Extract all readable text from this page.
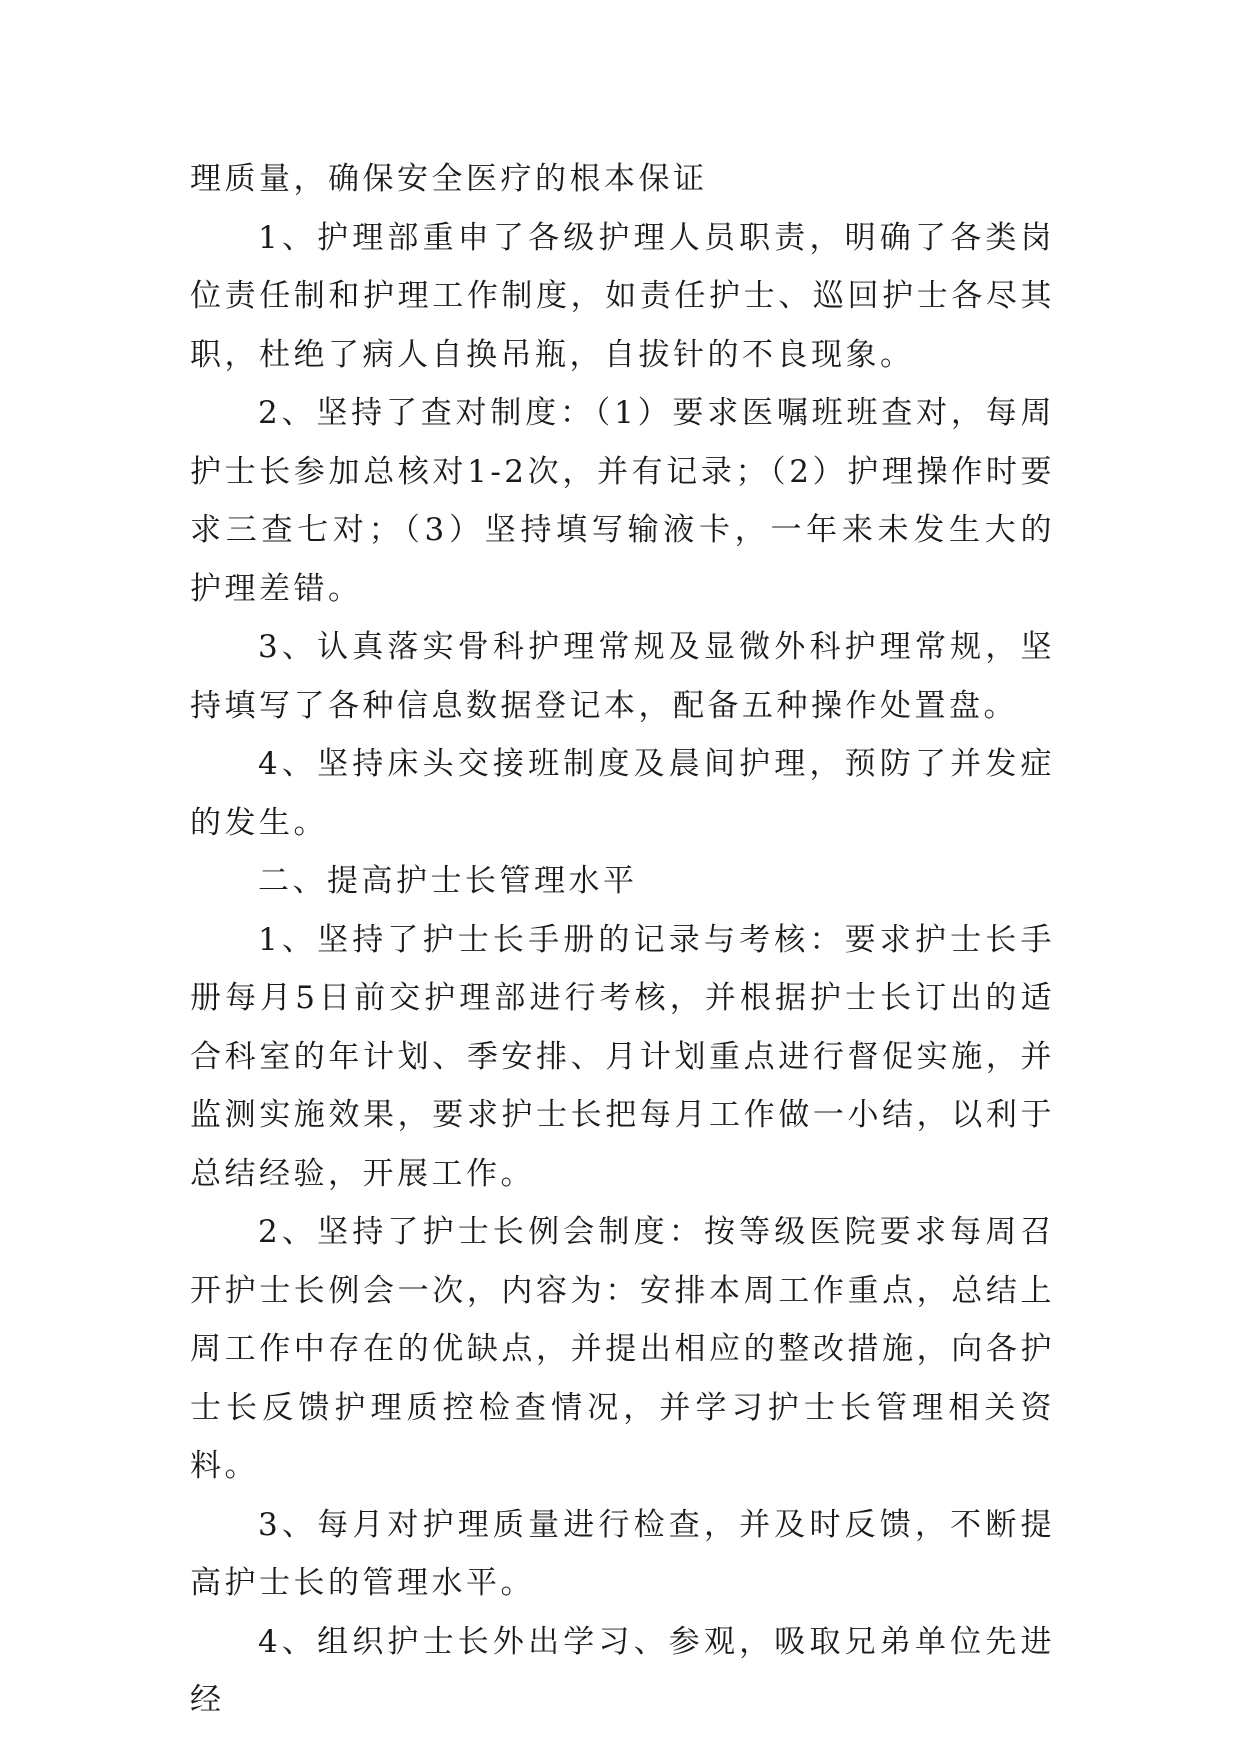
理质量，确保安全医疗的根本保证

1、护理部重申了各级护理人员职责，明确了各类岗位责任制和护理工作制度，如责任护士、巡回护士各尽其职，杜绝了病人自换吊瓶，自拔针的不良现象。

2、坚持了查对制度：（1）要求医嘱班班查对，每周护士长参加总核对1-2次，并有记录；（2）护理操作时要求三查七对；（3）坚持填写输液卡，一年来未发生大的护理差错。

3、认真落实骨科护理常规及显微外科护理常规，坚持填写了各种信息数据登记本，配备五种操作处置盘。

4、坚持床头交接班制度及晨间护理，预防了并发症的发生。

二、提高护士长管理水平

1、坚持了护士长手册的记录与考核：要求护士长手册每月5日前交护理部进行考核，并根据护士长订出的适合科室的年计划、季安排、月计划重点进行督促实施，并监测实施效果，要求护士长把每月工作做一小结，以利于总结经验，开展工作。

2、坚持了护士长例会制度：按等级医院要求每周召开护士长例会一次，内容为：安排本周工作重点，总结上周工作中存在的优缺点，并提出相应的整改措施，向各护士长反馈护理质控检查情况，并学习护士长管理相关资料。

3、每月对护理质量进行检查，并及时反馈，不断提高护士长的管理水平。

4、组织护士长外出学习、参观，吸取兄弟单位先进经
